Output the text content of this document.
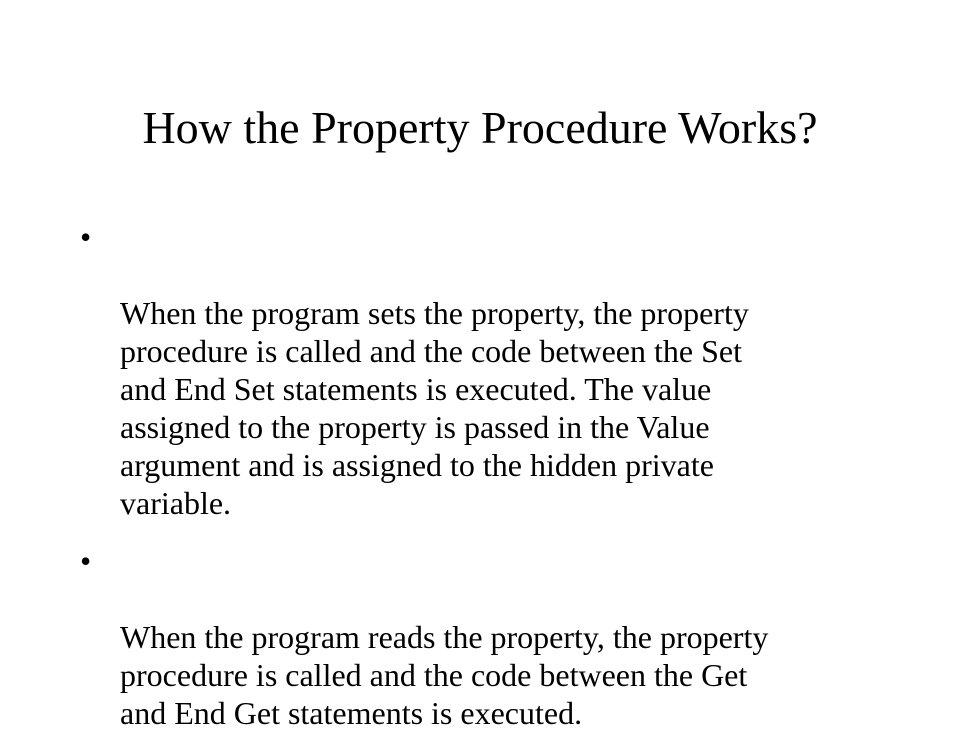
How the Property Procedure Works?

•

When the program sets the property, the property
procedure is called and the code between the Set
and End Set statements is executed. The value
assigned to the property is passed in the Value
argument and is assigned to the hidden private
variable.

•

When the program reads the property, the property
procedure is called and the code between the Get
and End Get statements is executed.
